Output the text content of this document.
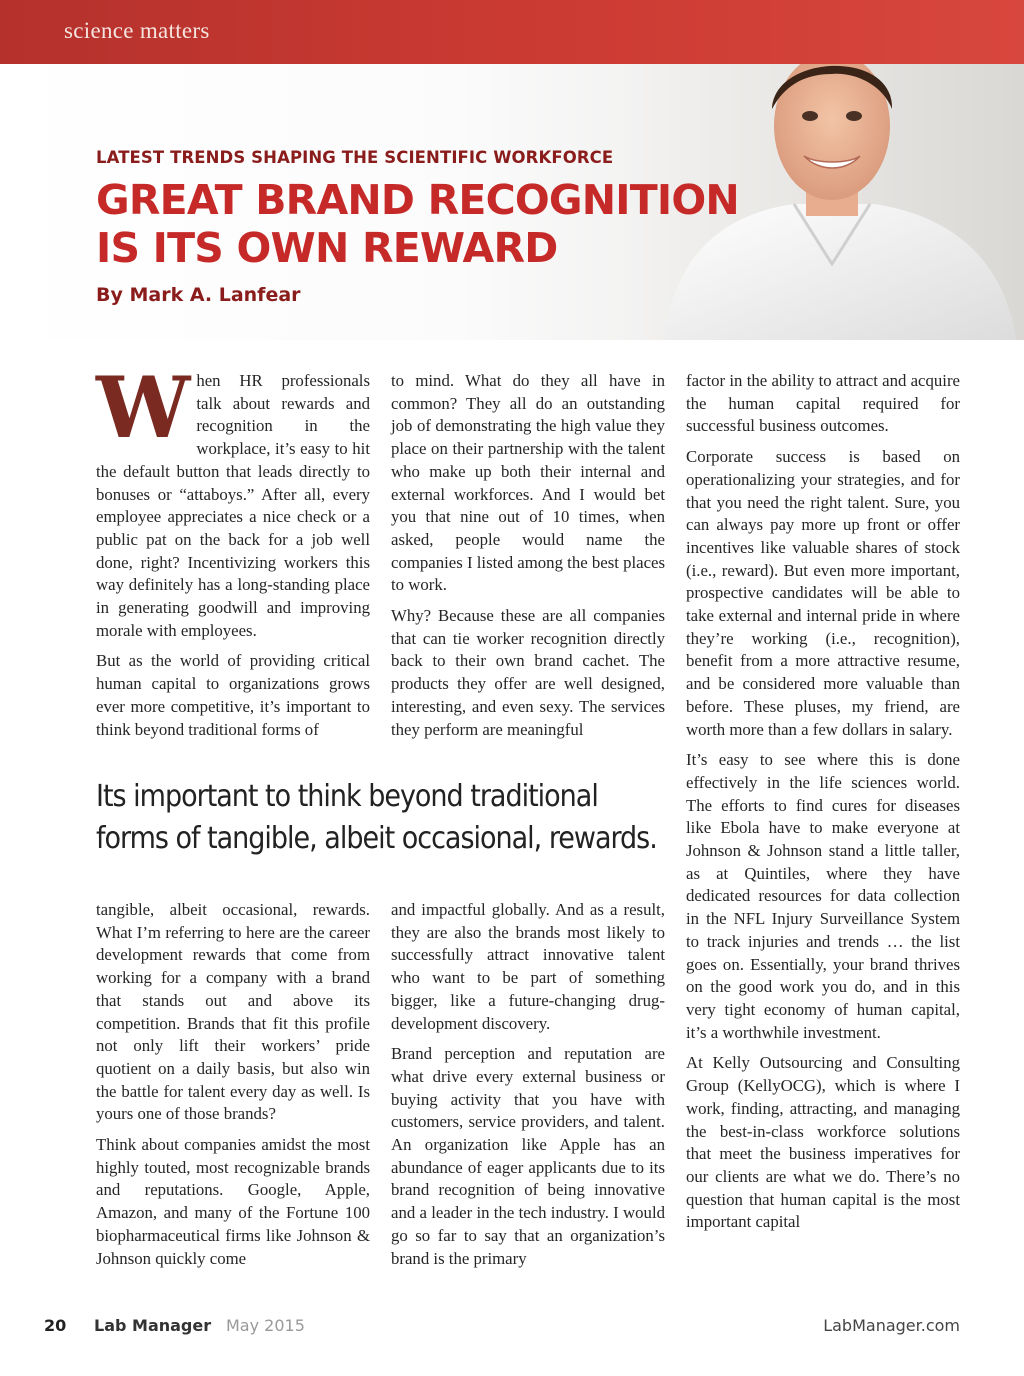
science matters
LATEST TRENDS SHAPING THE SCIENTIFIC WORKFORCE
GREAT BRAND RECOGNITION
IS ITS OWN REWARD
By Mark A. Lanfear

When HR professionals talk about rewards and recognition in the workplace, it’s easy to hit the default button that leads directly to bonuses or “attaboys.” After all, every employee appreciates a nice check or a public pat on the back for a job well done, right? Incentivizing workers this way definitely has a long-standing place in generating goodwill and improving morale with employees.

But as the world of providing critical human capital to organizations grows ever more competitive, it’s important to think beyond traditional forms of

to mind. What do they all have in common? They all do an outstanding job of demonstrating the high value they place on their partnership with the talent who make up both their internal and external workforces. And I would bet you that nine out of 10 times, when asked, people would name the companies I listed among the best places to work.

Why? Because these are all companies that can tie worker recognition directly back to their own brand cachet. The products they offer are well designed, interesting, and even sexy. The services they perform are meaningful

Its important to think beyond traditional forms of tangible, albeit occasional, rewards.

tangible, albeit occasional, rewards. What I’m referring to here are the career development rewards that come from working for a company with a brand that stands out and above its competition. Brands that fit this profile not only lift their workers’ pride quotient on a daily basis, but also win the battle for talent every day as well. Is yours one of those brands?

Think about companies amidst the most highly touted, most recognizable brands and reputations. Google, Apple, Amazon, and many of the Fortune 100 biopharmaceutical firms like Johnson & Johnson quickly come

and impactful globally. And as a result, they are also the brands most likely to successfully attract innovative talent who want to be part of something bigger, like a future-changing drug-development discovery.

Brand perception and reputation are what drive every external business or buying activity that you have with customers, service providers, and talent. An organization like Apple has an abundance of eager applicants due to its brand recognition of being innovative and a leader in the tech industry. I would go so far to say that an organization’s brand is the primary

factor in the ability to attract and acquire the human capital required for successful business outcomes.

Corporate success is based on operationalizing your strategies, and for that you need the right talent. Sure, you can always pay more up front or offer incentives like valuable shares of stock (i.e., reward). But even more important, prospective candidates will be able to take external and internal pride in where they’re working (i.e., recognition), benefit from a more attractive resume, and be considered more valuable than before. These pluses, my friend, are worth more than a few dollars in salary.

It’s easy to see where this is done effectively in the life sciences world. The efforts to find cures for diseases like Ebola have to make everyone at Johnson & Johnson stand a little taller, as at Quintiles, where they have dedicated resources for data collection in the NFL Injury Surveillance System to track injuries and trends … the list goes on. Essentially, your brand thrives on the good work you do, and in this very tight economy of human capital, it’s a worthwhile investment.

At Kelly Outsourcing and Consulting Group (KellyOCG), which is where I work, finding, attracting, and managing the best-in-class workforce solutions that meet the business imperatives for our clients are what we do. There’s no question that human capital is the most important capital

20 Lab Manager May 2015	LabManager.com
